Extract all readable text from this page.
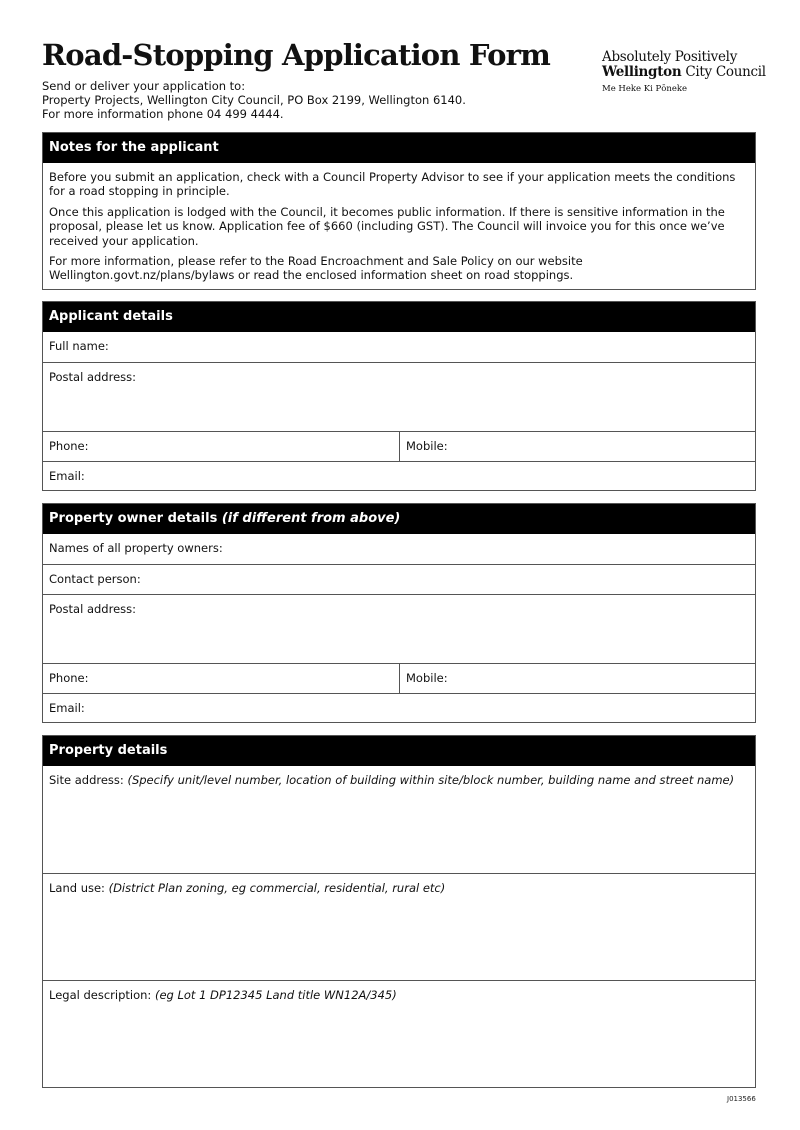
Road-Stopping Application Form
Send or deliver your application to:
Property Projects, Wellington City Council, PO Box 2199, Wellington 6140.
For more information phone 04 499 4444.
Absolutely Positively
Wellington City Council
Me Heke Ki Pōneke
Notes for the applicant

Before you submit an application, check with a Council Property Advisor to see if your application meets the conditions for a road stopping in principle.

Once this application is lodged with the Council, it becomes public information. If there is sensitive information in the proposal, please let us know. Application fee of $660 (including GST). The Council will invoice you for this once we’ve received your application.

For more information, please refer to the Road Encroachment and Sale Policy on our website Wellington.govt.nz/plans/bylaws or read the enclosed information sheet on road stoppings.

Applicant details
Full name:
Postal address:
Phone:	Mobile:
Email:
Property owner details (if different from above)
Names of all property owners:
Contact person:
Postal address:
Phone:	Mobile:
Email:
Property details
Site address: (Specify unit/level number, location of building within site/block number, building name and street name)
Land use: (District Plan zoning, eg commercial, residential, rural etc)
Legal description: (eg Lot 1 DP12345 Land title WN12A/345)
J013566
